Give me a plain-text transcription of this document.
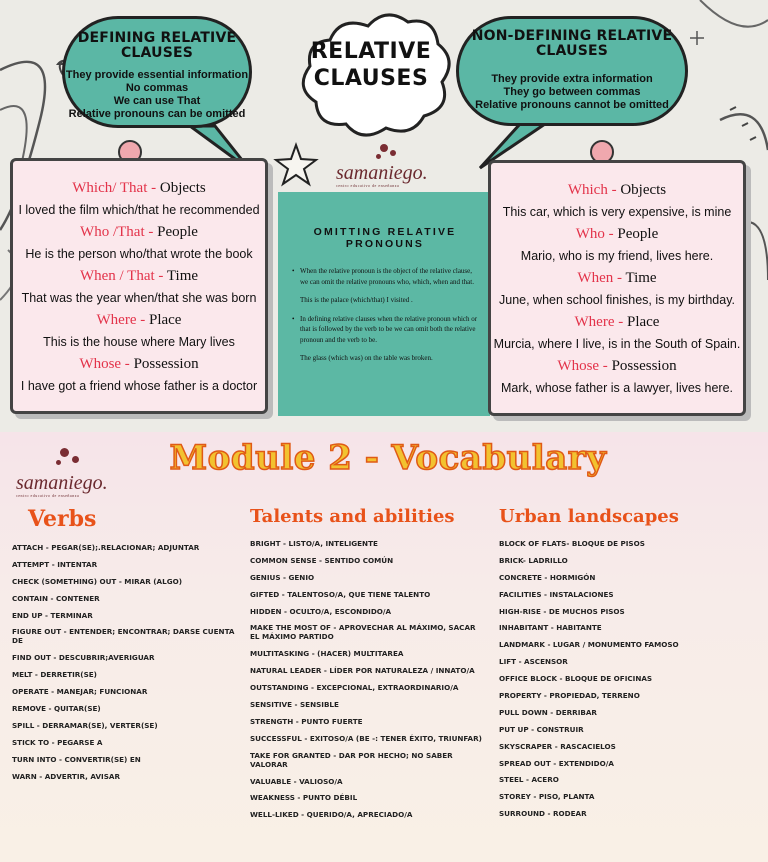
DEFINING RELATIVE
CLAUSES

They provide essential information

No commas

We can use That

Relative pronouns can be omitted

RELATIVE
CLAUSES
NON-DEFINING RELATIVE
CLAUSES

They provide extra information

They go between commas

Relative pronouns cannot be omitted

samaniego.
centro educativo de enseñanza
Which/ That - Objects
I loved the film which/that he recommended
Who /That - People
He is the person who/that wrote the book
When / That - Time
That was the year when/that she was born
Where - Place
This is the house where Mary lives
Whose - Possession
I have got a friend whose father is a doctor
OMITTING RELATIVE
PRONOUNS
• When the relative pronoun is the object of the relative clause, we can omit the relative pronouns who, which, when and that.
This is the palace (which/that) I visited .
• In defining relative clauses when the relative pronoun which or that is followed by the verb to be we can omit both the relative pronoun and the verb to be.
The glass (which was) on the table was broken.
Which - Objects
This car, which is very expensive, is mine
Who - People
Mario, who is my friend, lives here.
When - Time
June, when school finishes, is my birthday.
Where - Place
Murcia, where I live, is in the South of Spain.
Whose - Possession
Mark, whose father is a lawyer, lives here.
samaniego.
centro educativo de enseñanza
Module 2 - Vocabulary
Verbs
ATTACH - PEGAR(SE);.RELACIONAR; ADJUNTAR
ATTEMPT - INTENTAR
CHECK (SOMETHING) OUT - MIRAR (ALGO)
CONTAIN - CONTENER
END UP - TERMINAR
FIGURE OUT - ENTENDER; ENCONTRAR; DARSE CUENTA DE
FIND OUT - DESCUBRIR;AVERIGUAR
MELT - DERRETIR(SE)
OPERATE - MANEJAR; FUNCIONAR
REMOVE - QUITAR(SE)
SPILL - DERRAMAR(SE), VERTER(SE)
STICK TO - PEGARSE A
TURN INTO - CONVERTIR(SE) EN
WARN - ADVERTIR, AVISAR
Talents and abilities
BRIGHT - LISTO/A, INTELIGENTE
COMMON SENSE - SENTIDO COMÚN
GENIUS - GENIO
GIFTED - TALENTOSO/A, QUE TIENE TALENTO
HIDDEN - OCULTO/A, ESCONDIDO/A
MAKE THE MOST OF - APROVECHAR AL MÁXIMO, SACAR EL MÁXIMO PARTIDO
MULTITASKING - (HACER) MULTITAREA
NATURAL LEADER - LÍDER POR NATURALEZA / INNATO/A
OUTSTANDING - EXCEPCIONAL, EXTRAORDINARIO/A
SENSITIVE - SENSIBLE
STRENGTH - PUNTO FUERTE
SUCCESSFUL - EXITOSO/A (BE -: TENER ÉXITO, TRIUNFAR)
TAKE FOR GRANTED - DAR POR HECHO; NO SABER VALORAR
VALUABLE - VALIOSO/A
WEAKNESS - PUNTO DÉBIL
WELL-LIKED - QUERIDO/A, APRECIADO/A
Urban landscapes
BLOCK OF FLATS- BLOQUE DE PISOS
BRICK- LADRILLO
CONCRETE - HORMIGÓN
FACILITIES - INSTALACIONES
HIGH-RISE - DE MUCHOS PISOS
INHABITANT - HABITANTE
LANDMARK - LUGAR / MONUMENTO FAMOSO
LIFT - ASCENSOR
OFFICE BLOCK - BLOQUE DE OFICINAS
PROPERTY - PROPIEDAD, TERRENO
PULL DOWN - DERRIBAR
PUT UP - CONSTRUIR
SKYSCRAPER - RASCACIELOS
SPREAD OUT - EXTENDIDO/A
STEEL - ACERO
STOREY - PISO, PLANTA
SURROUND - RODEAR
